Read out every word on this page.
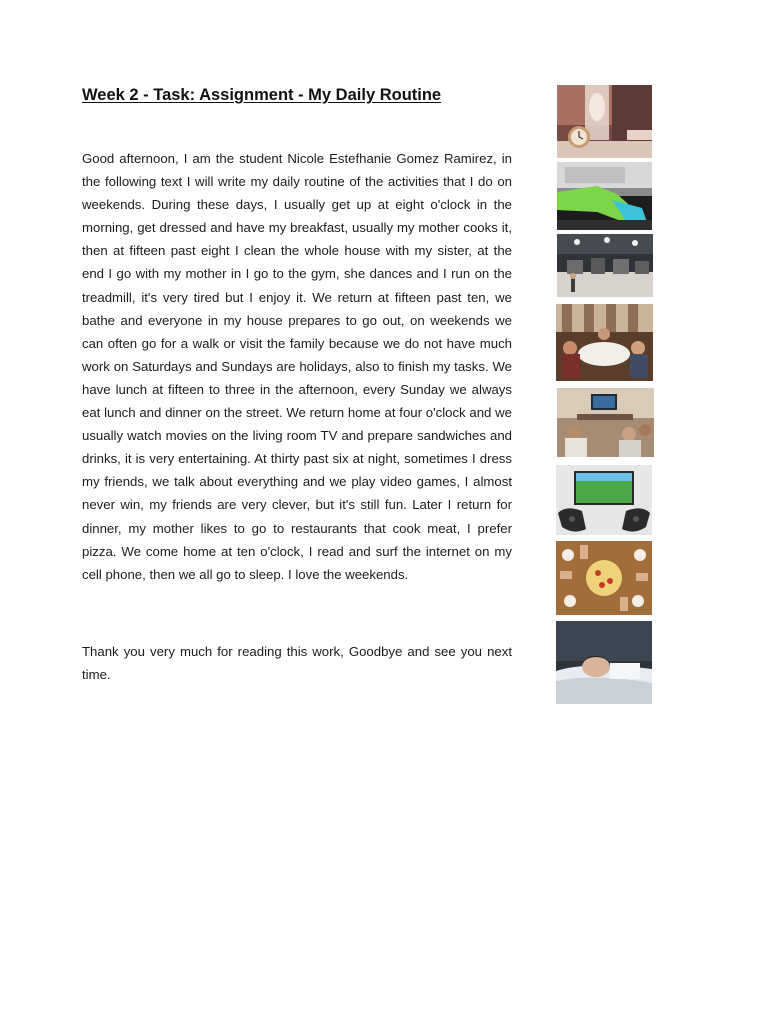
Week 2 - Task: Assignment - My Daily Routine

Good afternoon, I am the student Nicole Estefhanie Gomez Ramirez, in the following text I will write my daily routine of the activities that I do on weekends. During these days, I usually get up at eight o'clock in the morning, get dressed and have my breakfast, usually my mother cooks it, then at fifteen past eight I clean the whole house with my sister, at the end I go with my mother in I go to the gym, she dances and I run on the treadmill, it's very tired but I enjoy it. We return at fifteen past ten, we bathe and everyone in my house prepares to go out, on weekends we can often go for a walk or visit the family because we do not have much work on Saturdays and Sundays are holidays, also to finish my tasks. We have lunch at fifteen to three in the afternoon, every Sunday we always eat lunch and dinner on the street. We return home at four o'clock and we usually watch movies on the living room TV and prepare sandwiches and drinks, it is very entertaining. At thirty past six at night, sometimes I dress my friends, we talk about everything and we play video games, I almost never win, my friends are very clever, but it's still fun. Later I return for dinner, my mother likes to go to restaurants that cook meat, I prefer pizza. We come home at ten o'clock, I read and surf the internet on my cell phone, then we all go to sleep. I love the weekends.

Thank you very much for reading this work, Goodbye and see you next time.
